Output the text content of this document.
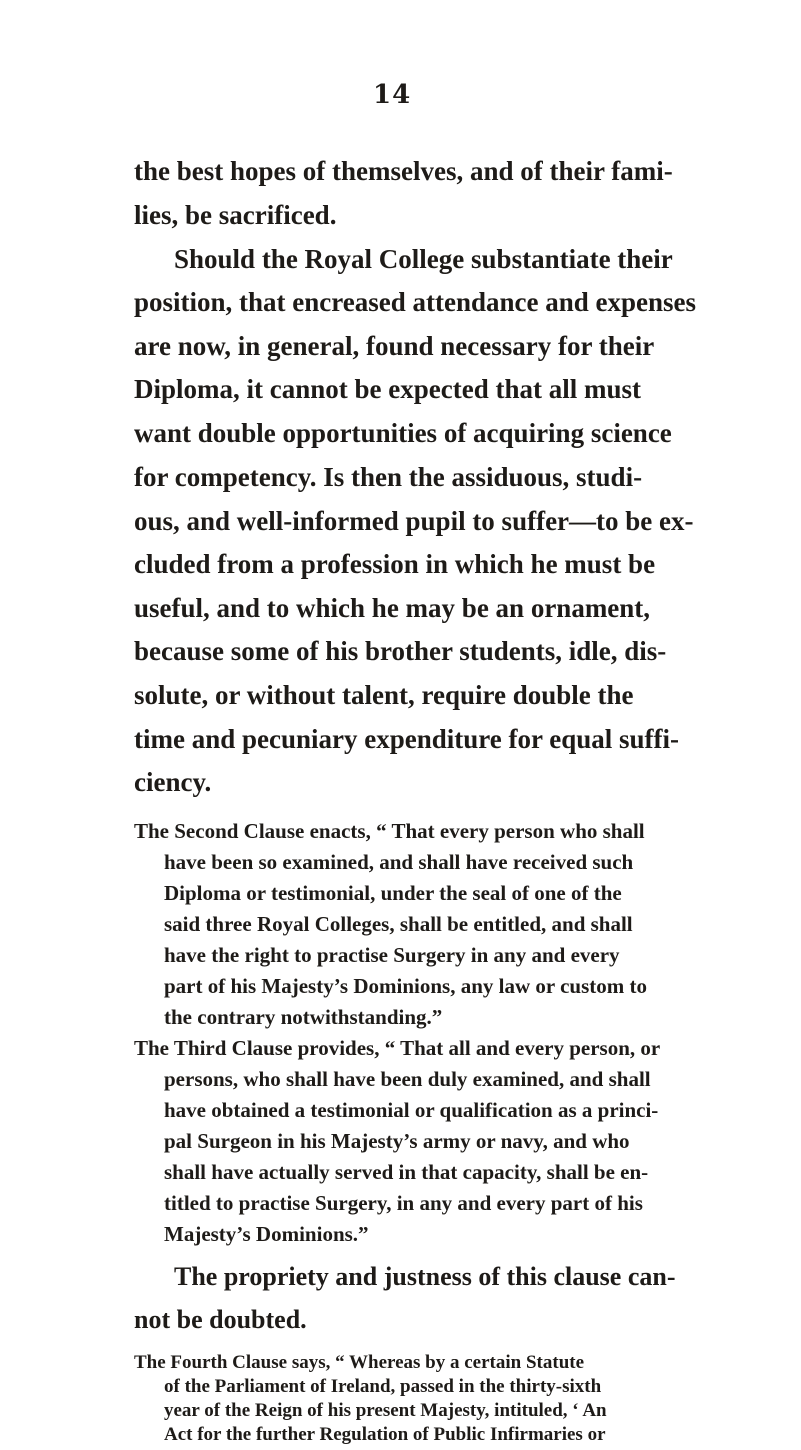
14
the best hopes of themselves, and of their fami-
lies, be sacrificed.
Should the Royal College substantiate their
position, that encreased attendance and expenses
are now, in general, found necessary for their
Diploma, it cannot be expected that all must
want double opportunities of acquiring science
for competency. Is then the assiduous, studi-
ous, and well-informed pupil to suffer—to be ex-
cluded from a profession in which he must be
useful, and to which he may be an ornament,
because some of his brother students, idle, dis-
solute, or without talent, require double the
time and pecuniary expenditure for equal suffi-
ciency.
The Second Clause enacts, “ That every person who shall
have been so examined, and shall have received such
Diploma or testimonial, under the seal of one of the
said three Royal Colleges, shall be entitled, and shall
have the right to practise Surgery in any and every
part of his Majesty’s Dominions, any law or custom to
the contrary notwithstanding.”
The Third Clause provides, “ That all and every person, or
persons, who shall have been duly examined, and shall
have obtained a testimonial or qualification as a princi-
pal Surgeon in his Majesty’s army or navy, and who
shall have actually served in that capacity, shall be en-
titled to practise Surgery, in any and every part of his
Majesty’s Dominions.”
The propriety and justness of this clause can-
not be doubted.
The Fourth Clause says, “ Whereas by a certain Statute
of the Parliament of Ireland, passed in the thirty-sixth
year of the Reign of his present Majesty, intituled, ‘ An
Act for the further Regulation of Public Infirmaries or
